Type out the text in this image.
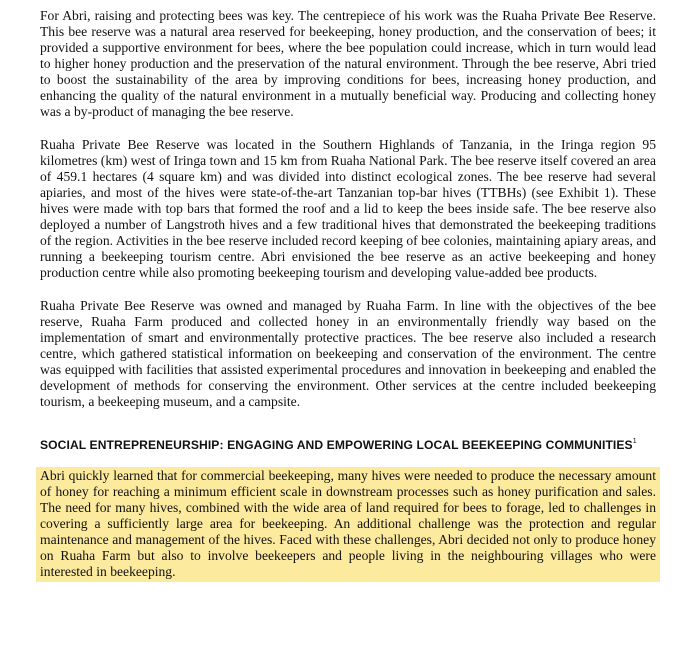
For Abri, raising and protecting bees was key. The centrepiece of his work was the Ruaha Private Bee Reserve. This bee reserve was a natural area reserved for beekeeping, honey production, and the conservation of bees; it provided a supportive environment for bees, where the bee population could increase, which in turn would lead to higher honey production and the preservation of the natural environment. Through the bee reserve, Abri tried to boost the sustainability of the area by improving conditions for bees, increasing honey production, and enhancing the quality of the natural environment in a mutually beneficial way. Producing and collecting honey was a by-product of managing the bee reserve.

Ruaha Private Bee Reserve was located in the Southern Highlands of Tanzania, in the Iringa region 95 kilometres (km) west of Iringa town and 15 km from Ruaha National Park. The bee reserve itself covered an area of 459.1 hectares (4 square km) and was divided into distinct ecological zones. The bee reserve had several apiaries, and most of the hives were state-of-the-art Tanzanian top-bar hives (TTBHs) (see Exhibit 1). These hives were made with top bars that formed the roof and a lid to keep the bees inside safe. The bee reserve also deployed a number of Langstroth hives and a few traditional hives that demonstrated the beekeeping traditions of the region. Activities in the bee reserve included record keeping of bee colonies, maintaining apiary areas, and running a beekeeping tourism centre. Abri envisioned the bee reserve as an active beekeeping and honey production centre while also promoting beekeeping tourism and developing value-added bee products.

Ruaha Private Bee Reserve was owned and managed by Ruaha Farm. In line with the objectives of the bee reserve, Ruaha Farm produced and collected honey in an environmentally friendly way based on the implementation of smart and environmentally protective practices. The bee reserve also included a research centre, which gathered statistical information on beekeeping and conservation of the environment. The centre was equipped with facilities that assisted experimental procedures and innovation in beekeeping and enabled the development of methods for conserving the environment. Other services at the centre included beekeeping tourism, a beekeeping museum, and a campsite.

SOCIAL ENTREPRENEURSHIP: ENGAGING AND EMPOWERING LOCAL BEEKEEPING COMMUNITIES$^1$

Abri quickly learned that for commercial beekeeping, many hives were needed to produce the necessary amount of honey for reaching a minimum efficient scale in downstream processes such as honey purification and sales. The need for many hives, combined with the wide area of land required for bees to forage, led to challenges in covering a sufficiently large area for beekeeping. An additional challenge was the protection and regular maintenance and management of the hives. Faced with these challenges, Abri decided not only to produce honey on Ruaha Farm but also to involve beekeepers and people living in the neighbouring villages who were interested in beekeeping.
